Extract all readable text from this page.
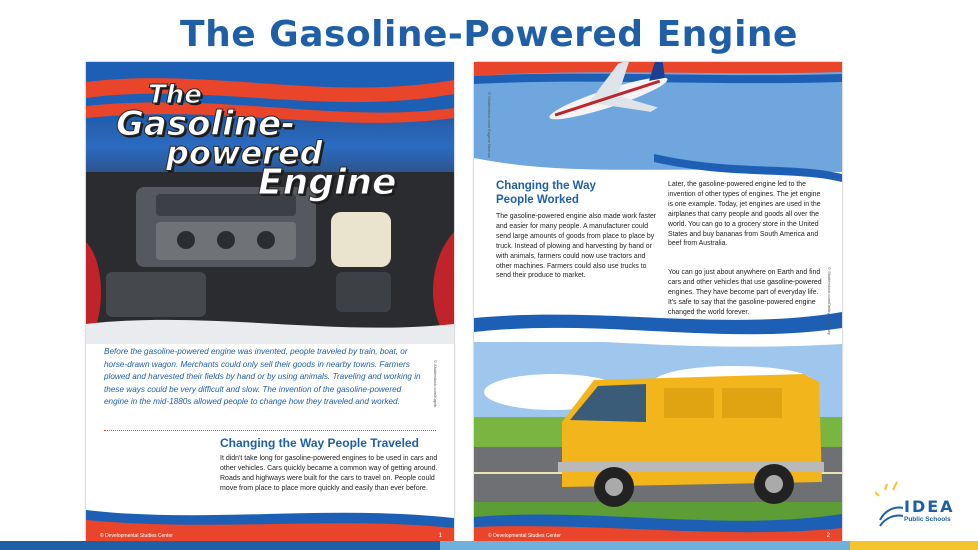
The Gasoline-Powered Engine
The
Gasoline-
powered
Engine
Before the gasoline-powered engine was invented, people traveled by train, boat, or horse-drawn wagon. Merchants could only sell their goods in nearby towns. Farmers plowed and harvested their fields by hand or by using animals. Traveling and working in these ways could be very difficult and slow. The invention of the gasoline-powered engine in the mid-1880s allowed people to change how they traveled and worked.	© Shutterstock.com/Kaprik
Changing the Way People Traveled
It didn't take long for gasoline-powered engines to be used in cars and other vehicles. Cars quickly became a common way of getting around. Roads and highways were built for the cars to travel on. People could move from place to place more quickly and easily than ever before.
© Developmental Studies Center	1
© Shutterstock.com/ Eugene Berman
© Shutterstock.com/Dmitry Kalinovsky
Changing the Way
People Worked
The gasoline-powered engine also made work faster and easier for many people. A manufacturer could send large amounts of goods from place to place by truck. Instead of plowing and harvesting by hand or with animals, farmers could now use tractors and other machines. Farmers could also use trucks to send their produce to market.
Later, the gasoline-powered engine led to the invention of other types of engines. The jet engine is one example. Today, jet engines are used in the airplanes that carry people and goods all over the world. You can go to a grocery store in the United States and buy bananas from South America and beef from Australia.
You can go just about anywhere on Earth and find cars and other vehicles that use gasoline-powered engines. They have become part of everyday life. It's safe to say that the gasoline-powered engine changed the world forever.
© Developmental Studies Center	2
IDEA
Public Schools
